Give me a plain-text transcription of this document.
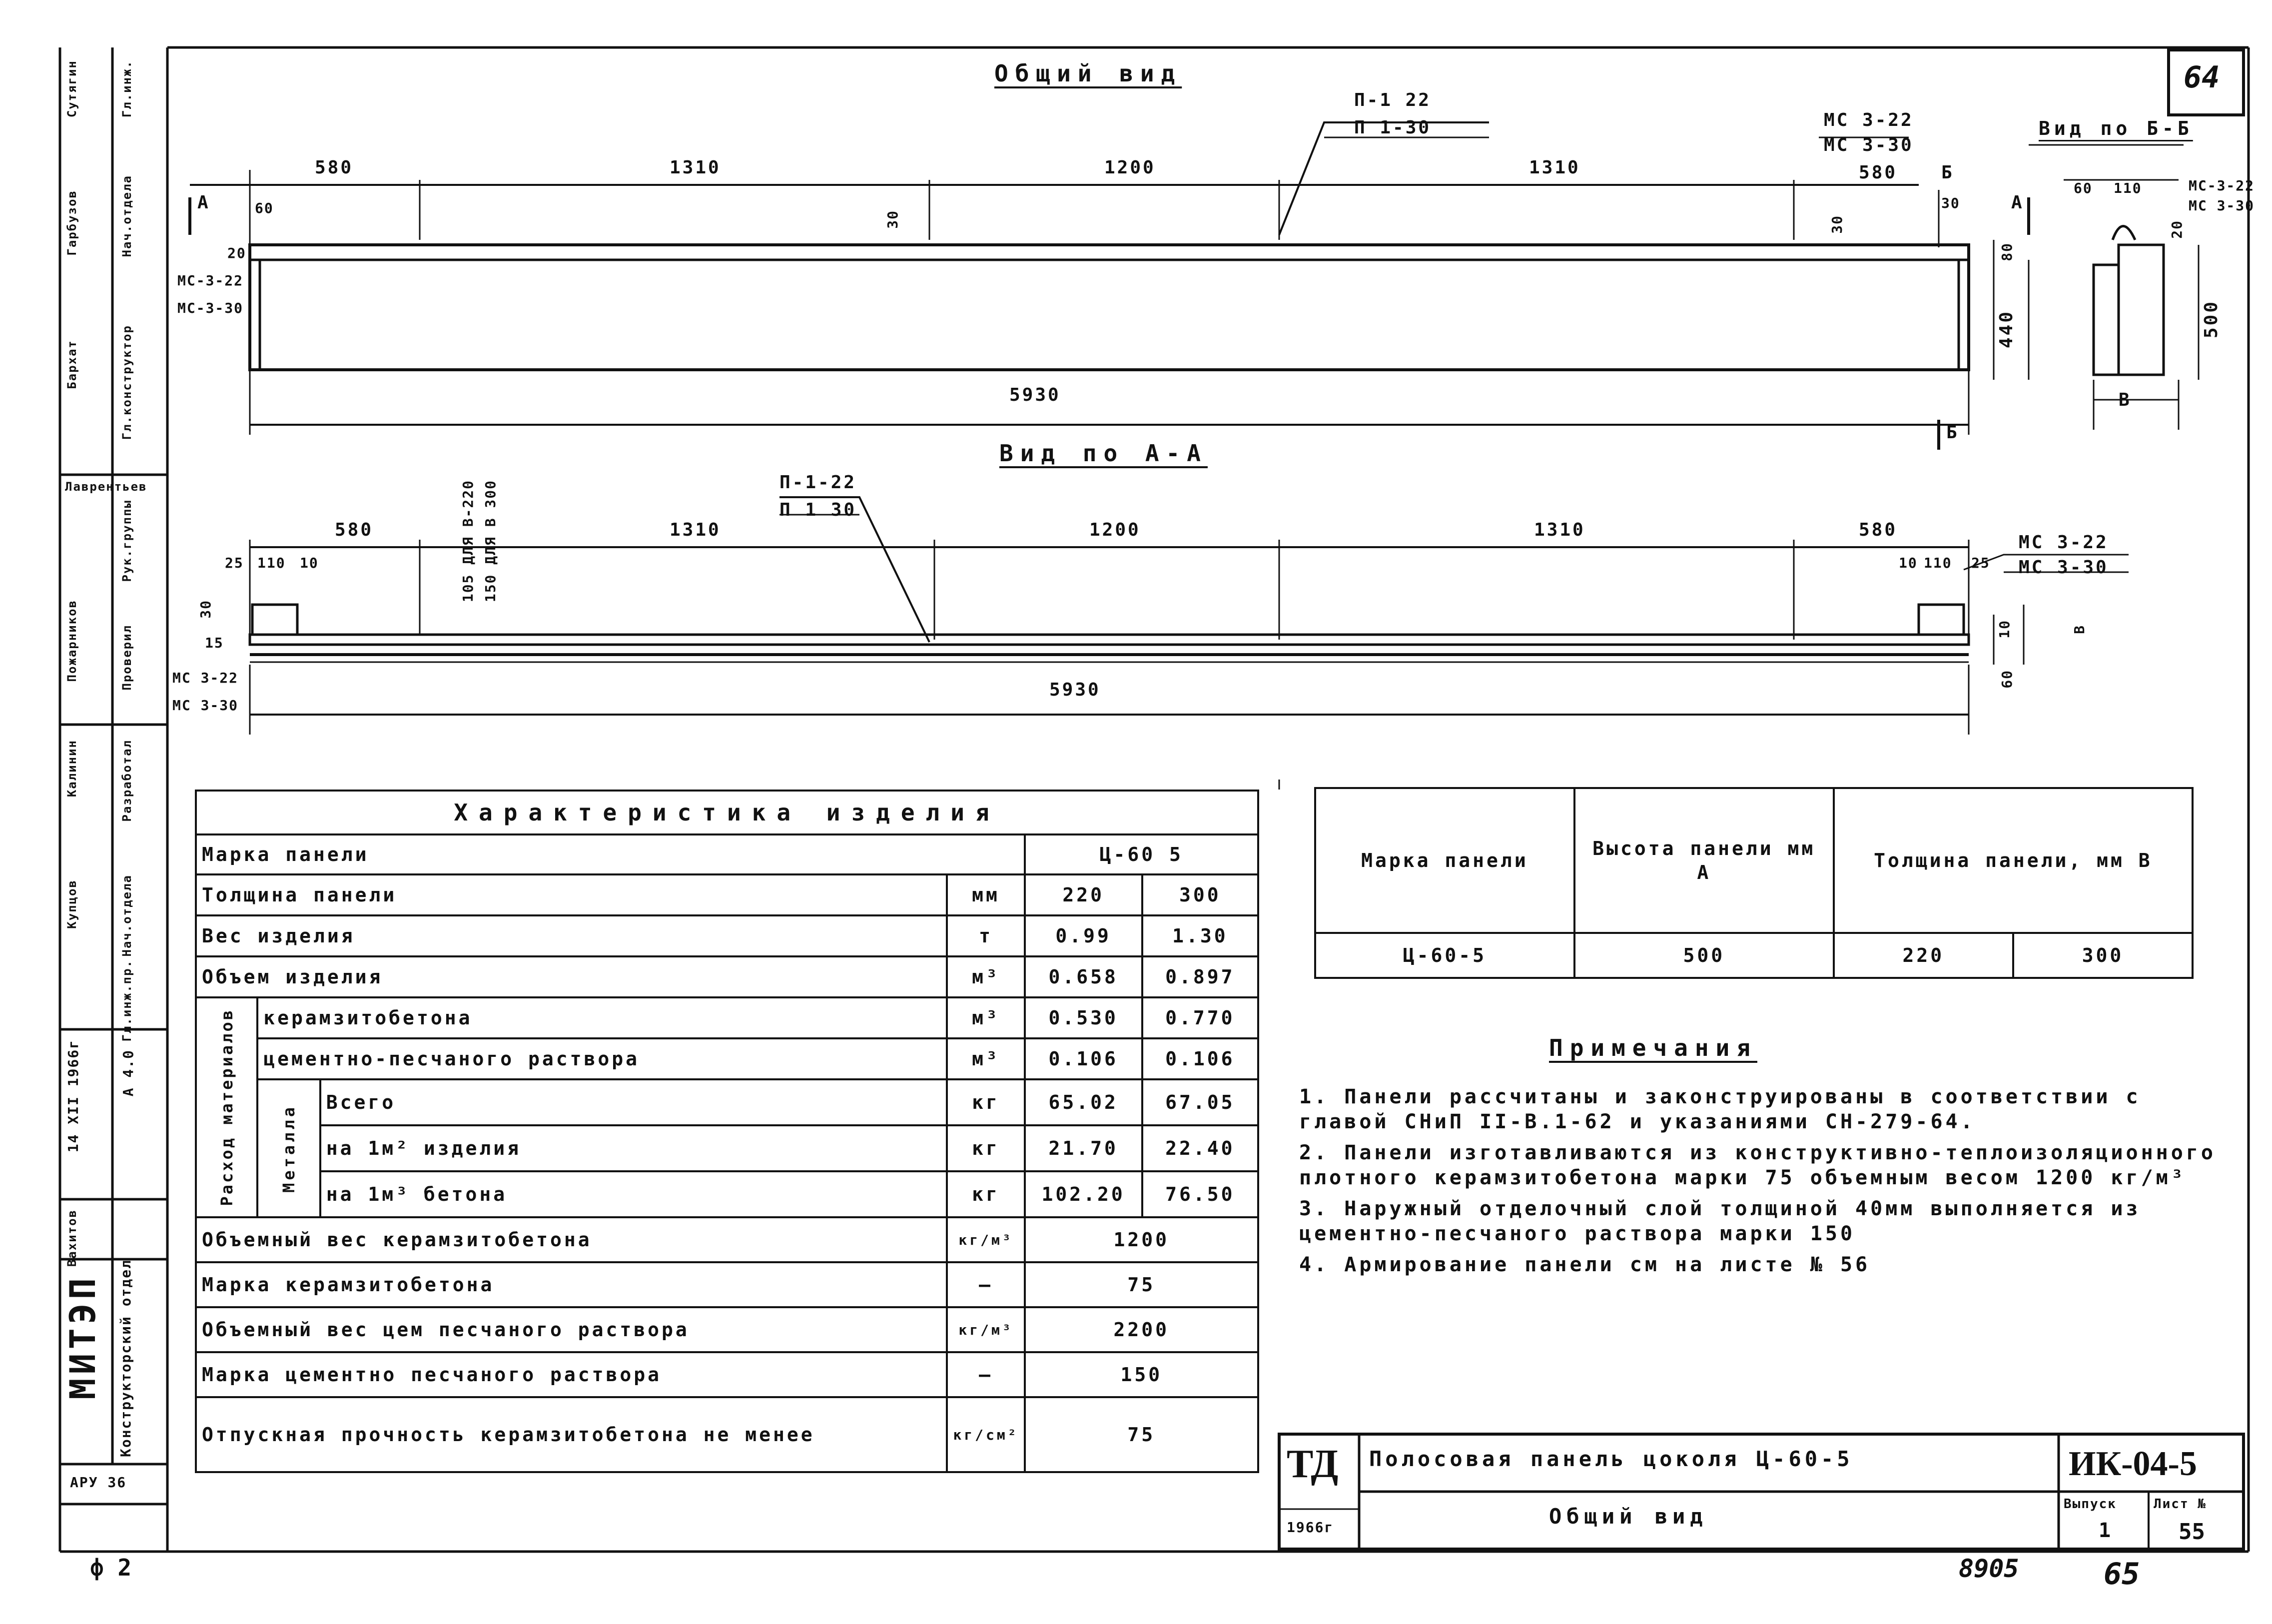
МИТЭП Конструкторский отдел
14 XII 1966г	А 4.0
АРУ 36
Гл.инж.
Нач.отдела
Гл.конструктор
Рук.группы
Проверил
Разработал
Нач.отдела
Гл.инж.пр.
Сутягин
Гарбузов
Бархат
Лаврентьев
Пожарников
Калинин
Купцов
Вахитов
64
65
8905
ф 2
Общий вид
580	1310	1200	1310	580
5930
П-1 22
П 1-30	МС 3-22
МС 3-30
МС-3-22
МС-3-30
60
20
30	30
30
80
440
А	А
Б
Б
Вид по Б-Б
60 110
20
500
В
МС-3-22
МС 3-30
Вид по А-А
580	1310	1200	1310	580
5930
П-1-22
П 1 30
МС 3-22
МС 3-30
МС 3-22
МС 3-30
105 ДЛЯ В-220 150 ДЛЯ В 300
25 110 10
30
15
10 110 25
10
60
В
Характеристика изделия					
Марка панели				Ц-60 5	
Толщина панели			мм	220	300
Вес изделия			т	0.99	1.30
Объем изделия			м³	0.658	0.897

Расход материалов	керамзитобетона		м³	0.530	0.770
	цементно-песчаного раствора		м³	0.106	0.106

	Металла	Всего	кг	65.02	67.05
		на 1м² изделия	кг	21.70	22.40
		на 1м³ бетона	кг	102.20	76.50
Объемный вес керамзитобетона			кг/м³	1200	
Марка керамзитобетона			—	75	
Объемный вес цем песчаного раствора			кг/м³	2200	
Марка цементно песчаного раствора			—	150	
Отпускная прочность керамзитобетона не менее			кг/см²	75	
Марка панели	Высота панели мм А	Толщина панели, мм В	
Ц-60-5	500	220	300
Примечания

1. Панели рассчитаны и законструированы в соответствии с главой СНиП II-В.1-62 и указаниями СН-279-64.

2. Панели изготавливаются из конструктивно-теплоизоляционного плотного керамзитобетона марки 75 объемным весом 1200 кг/м³

3. Наружный отделочный слой толщиной 40мм выполняется из цементно-песчаного раствора марки 150

4. Армирование панели см на листе № 56

ТД
1966г
Полосовая панель цоколя Ц-60-5
Общий вид
ИК-04-5
Выпуск
1
Лист №
55
